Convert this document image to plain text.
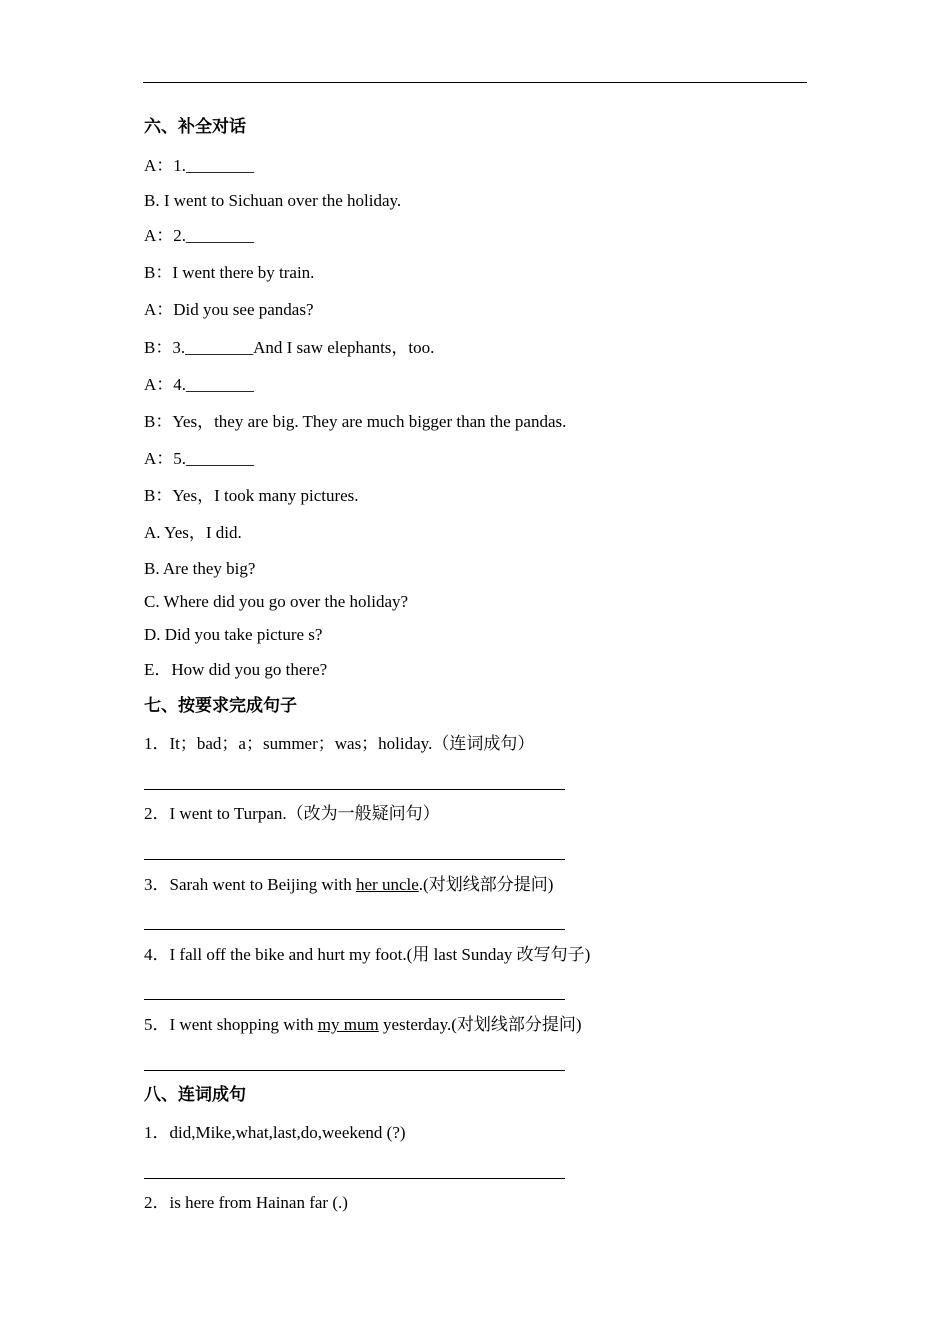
六、补全对话
A：1.________
B. I went to Sichuan over the holiday.
A：2.________
B：I went there by train.
A：Did you see pandas?
B：3.________And I saw elephants，too.
A：4.________
B：Yes，they are big. They are much bigger than the pandas.
A：5.________
B：Yes，I took many pictures.
A. Yes，I did.
B. Are they big?
C. Where did you go over the holiday?
D. Did you take picture s?
E．How did you go there?
七、按要求完成句子
1．It；bad；a；summer；was；holiday.（连词成句）
2．I went to Turpan.（改为一般疑问句）
3．Sarah went to Beijing with her uncle.(对划线部分提问)
4．I fall off the bike and hurt my foot.(用 last Sunday 改写句子)
5．I went shopping with my mum yesterday.(对划线部分提问)
八、连词成句
1．did,Mike,what,last,do,weekend (?)
2．is here from Hainan far (.)
